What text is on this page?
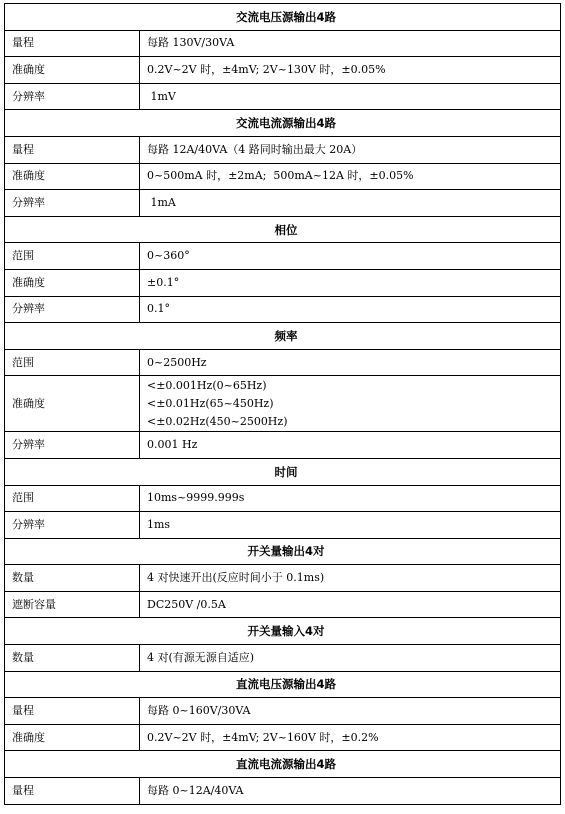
交流电压源输出4路	
量程	每路 130V/30VA
准确度	0.2V~2V 时，±4mV; 2V~130V 时，±0.05%
分辨率	1mV
交流电流源输出4路	
量程	每路 12A/40VA（4 路同时输出最大 20A）
准确度	0~500mA 时，±2mA;  500mA~12A 时，±0.05%
分辨率	1mA
相位	
范围	0~360°
准确度	±0.1°
分辨率	0.1°
频率	
范围	0~2500Hz
准确度	<±0.001Hz(0~65Hz)
<±0.01Hz(65~450Hz)
<±0.02Hz(450~2500Hz)

分辨率	0.001 Hz
时间	
范围	10ms~9999.999s
分辨率	1ms
开关量输出4对	
数量	4 对快速开出(反应时间小于 0.1ms)
遮断容量	DC250V /0.5A
开关量输入4对	
数量	4 对(有源无源自适应)
直流电压源输出4路	
量程	每路 0~160V/30VA
准确度	0.2V~2V 时，±4mV; 2V~160V 时，±0.2%
直流电流源输出4路	
量程	每路 0~12A/40VA
